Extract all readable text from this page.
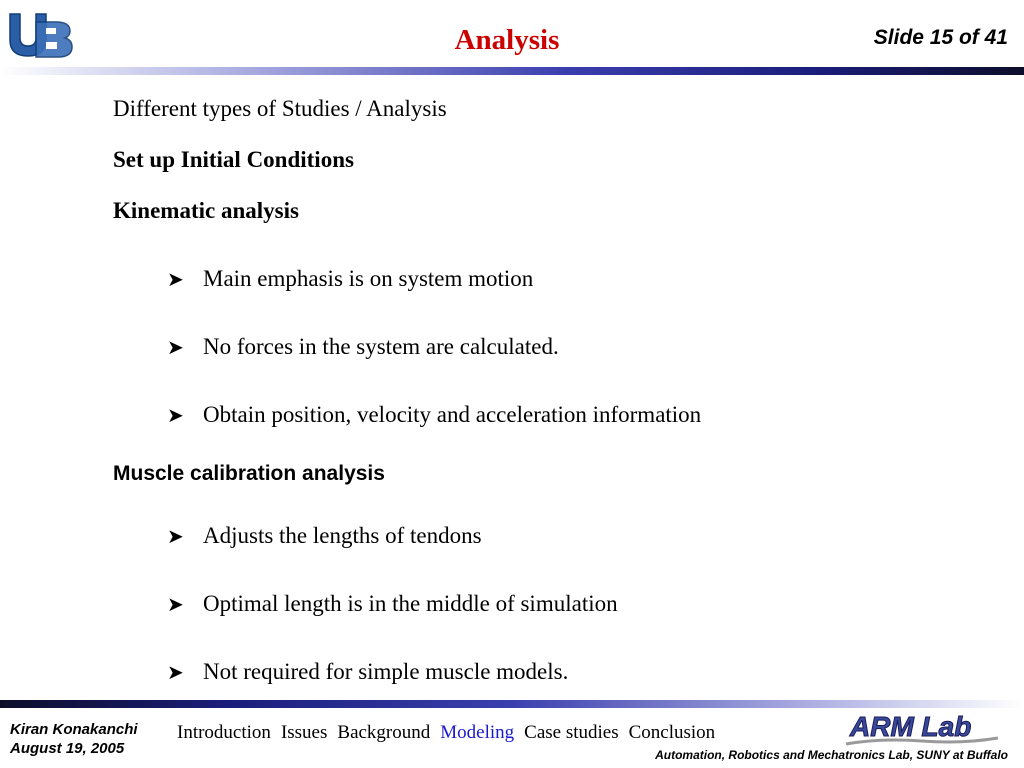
Analysis	Slide 15 of 41
Different types of Studies / Analysis
Set up Initial Conditions
Kinematic analysis
➤ Main emphasis is on system motion
➤ No forces in the system are calculated.
➤ Obtain position, velocity and acceleration information
Muscle calibration analysis
➤ Adjusts the lengths of tendons
➤ Optimal length is in the middle of simulation
➤ Not required for simple muscle models.
Kiran Konakanchi
August 19, 2005
Introduction Issues Background Modeling Case studies Conclusion	ARM Lab
Automation, Robotics and Mechatronics Lab, SUNY at Buffalo
